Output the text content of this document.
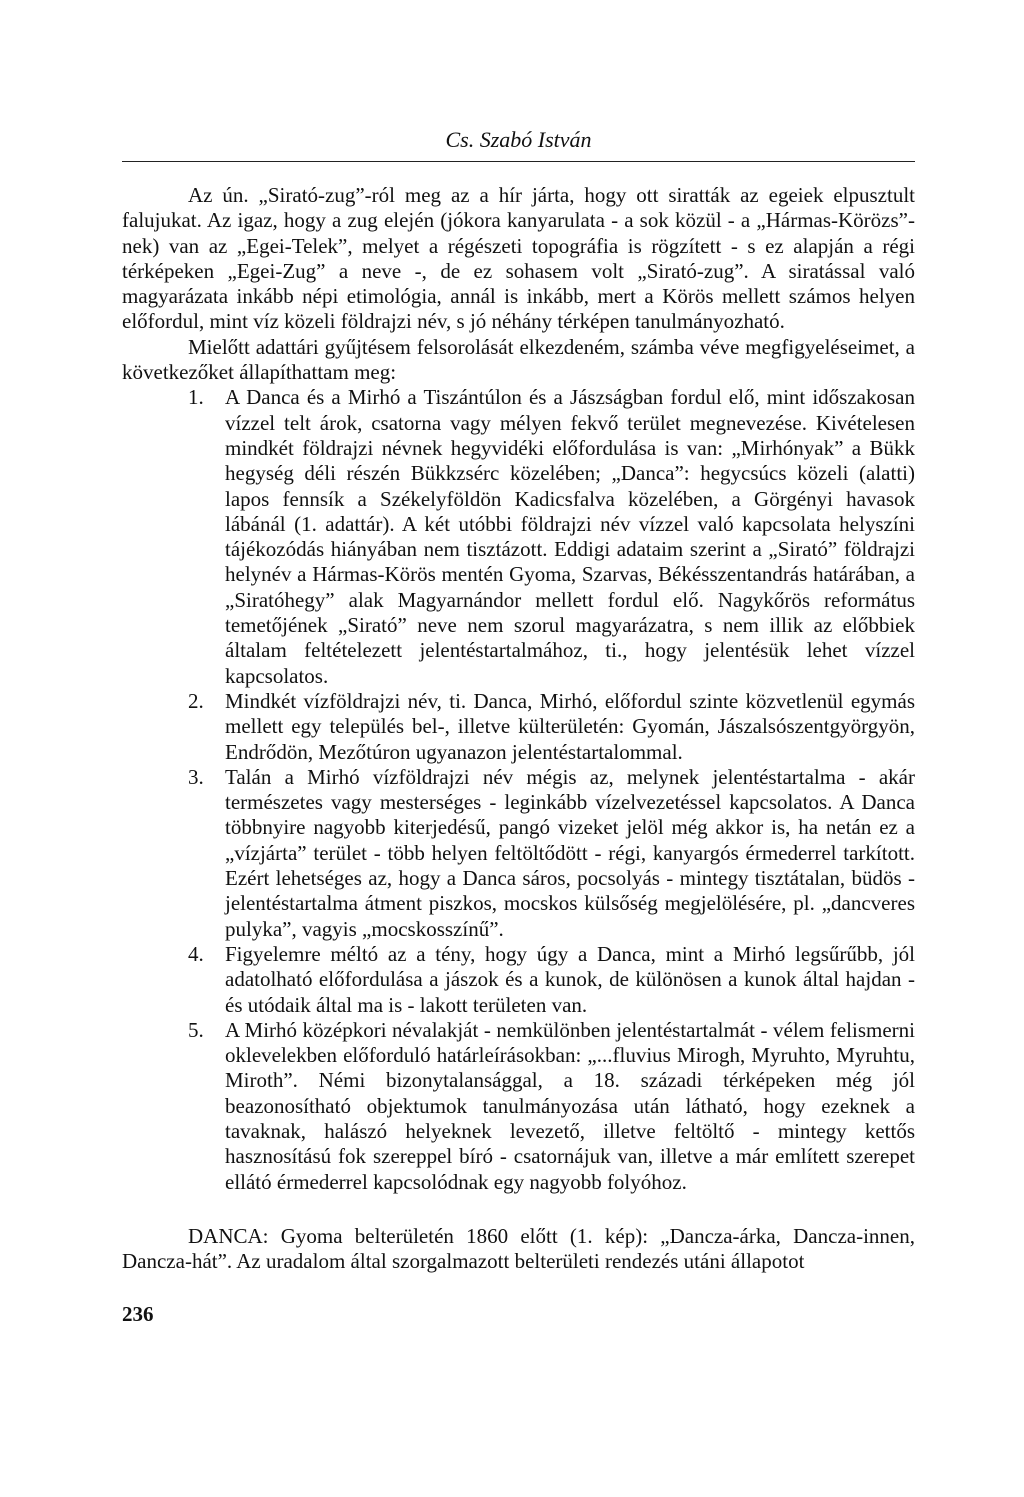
Cs. Szabó István

Az ún. „Sirató-zug”-ról meg az a hír járta, hogy ott siratták az egeiek elpusztult falujukat. Az igaz, hogy a zug elején (jókora kanyarulata - a sok közül - a „Hármas-Körözs”-nek) van az „Egei-Telek”, melyet a régészeti topográfia is rögzített - s ez alapján a régi térképeken „Egei-Zug” a neve -, de ez sohasem volt „Sirató-zug”. A siratással való magyarázata inkább népi etimológia, annál is inkább, mert a Körös mellett számos helyen előfordul, mint víz közeli földrajzi név, s jó néhány térképen tanulmányozható.

Mielőtt adattári gyűjtésem felsorolását elkezdeném, számba véve megfigyeléseimet, a következőket állapíthattam meg:

1. A Danca és a Mirhó a Tiszántúlon és a Jászságban fordul elő, mint időszakosan vízzel telt árok, csatorna vagy mélyen fekvő terület megnevezése. Kivételesen mindkét földrajzi névnek hegyvidéki előfordulása is van: „Mirhónyak” a Bükk hegység déli részén Bükkzsérc közelében; „Danca”: hegycsúcs közeli (alatti) lapos fennsík a Székelyföldön Kadicsfalva közelében, a Görgényi havasok lábánál (1. adattár). A két utóbbi földrajzi név vízzel való kapcsolata helyszíni tájékozódás hiányában nem tisztázott. Eddigi adataim szerint a „Sirató” földrajzi helynév a Hármas-Körös mentén Gyoma, Szarvas, Békésszentandrás határában, a „Siratóhegy” alak Magyarnándor mellett fordul elő. Nagykőrös református temetőjének „Sirató” neve nem szorul magyarázatra, s nem illik az előbbiek általam feltételezett jelentéstartalmához, ti., hogy jelentésük lehet vízzel kapcsolatos.
2. Mindkét vízföldrajzi név, ti. Danca, Mirhó, előfordul szinte közvetlenül egymás mellett egy település bel-, illetve külterületén: Gyomán, Jászalsószentgyörgyön, Endrődön, Mezőtúron ugyanazon jelentéstartalommal.
3. Talán a Mirhó vízföldrajzi név mégis az, melynek jelentéstartalma - akár természetes vagy mesterséges - leginkább vízelvezetéssel kapcsolatos. A Danca többnyire nagyobb kiterjedésű, pangó vizeket jelöl még akkor is, ha netán ez a „vízjárta” terület - több helyen feltöltődött - régi, kanyargós érmederrel tarkított. Ezért lehetséges az, hogy a Danca sáros, pocsolyás - mintegy tisztátalan, büdös - jelentéstartalma átment piszkos, mocskos külsőség megjelölésére, pl. „dancveres pulyka”, vagyis „mocskosszínű”.
4. Figyelemre méltó az a tény, hogy úgy a Danca, mint a Mirhó legsűrűbb, jól adatolható előfordulása a jászok és a kunok, de különösen a kunok által hajdan - és utódaik által ma is - lakott területen van.
5. A Mirhó középkori névalakját - nemkülönben jelentéstartalmát - vélem felismerni oklevelekben előforduló határleírásokban: „...fluvius Mirogh, Myruhto, Myruhtu, Miroth”. Némi bizonytalansággal, a 18. századi térképeken még jól beazonosítható objektumok tanulmányozása után látható, hogy ezeknek a tavaknak, halászó helyeknek levezető, illetve feltöltő - mintegy kettős hasznosítású fok szereppel bíró - csatornájuk van, illetve a már említett szerepet ellátó érmederrel kapcsolódnak egy nagyobb folyóhoz.

DANCA: Gyoma belterületén 1860 előtt (1. kép): „Dancza-árka, Dancza-innen, Dancza-hát”. Az uradalom által szorgalmazott belterületi rendezés utáni állapotot

236
